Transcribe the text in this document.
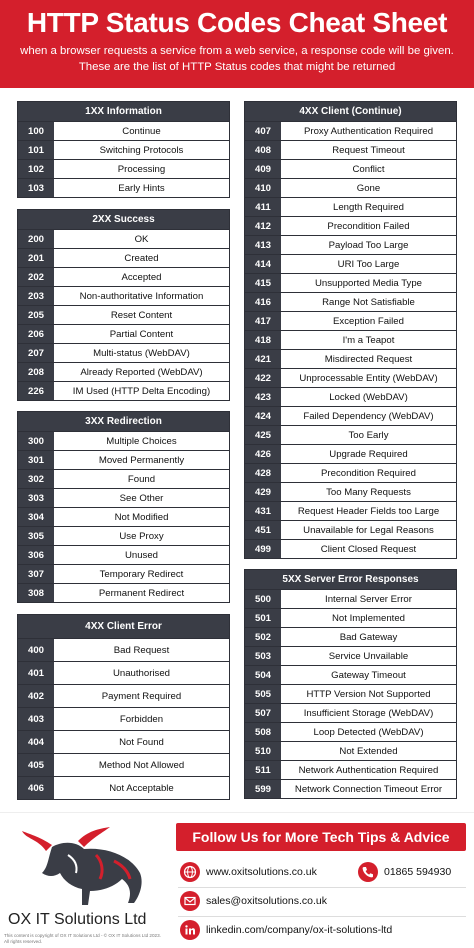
HTTP Status Codes Cheat Sheet
when a browser requests a service from a web service, a response code will be given. These are the list of HTTP Status codes that might be returned
1XX Information
100	Continue
101	Switching Protocols
102	Processing
103	Early Hints
2XX Success
200	OK
201	Created
202	Accepted
203	Non-authoritative Information
205	Reset Content
206	Partial Content
207	Multi-status (WebDAV)
208	Already Reported (WebDAV)
226	IM Used (HTTP Delta Encoding)
3XX Redirection
300	Multiple Choices
301	Moved Permanently
302	Found
303	See Other
304	Not Modified
305	Use Proxy
306	Unused
307	Temporary Redirect
308	Permanent Redirect
4XX Client Error
400	Bad Request
401	Unauthorised
402	Payment Required
403	Forbidden
404	Not Found
405	Method Not Allowed
406	Not Acceptable
4XX Client (Continue)
407	Proxy Authentication Required
408	Request Timeout
409	Conflict
410	Gone
411	Length Required
412	Precondition Failed
413	Payload Too Large
414	URI Too Large
415	Unsupported Media Type
416	Range Not Satisfiable
417	Exception Failed
418	I'm a Teapot
421	Misdirected Request
422	Unprocessable Entity (WebDAV)
423	Locked (WebDAV)
424	Failed Dependency (WebDAV)
425	Too Early
426	Upgrade Required
428	Precondition Required
429	Too Many Requests
431	Request Header Fields too Large
451	Unavailable for Legal Reasons
499	Client Closed Request
5XX Server Error Responses
500	Internal Server Error
501	Not Implemented
502	Bad Gateway
503	Service Unvailable
504	Gateway Timeout
505	HTTP Version Not Supported
507	Insufficient Storage (WebDAV)
508	Loop Detected (WebDAV)
510	Not Extended
511	Network Authentication Required
599	Network Connection Timeout Error
OX IT Solutions Ltd
This content is copyright of OX IT Solutions Ltd - © OX IT Solutions Ltd 2023. All rights reserved.
Follow Us for More Tech Tips & Advice
www.oxitsolutions.co.uk	01865 594930
sales@oxitsolutions.co.uk
linkedin.com/company/ox-it-solutions-ltd
